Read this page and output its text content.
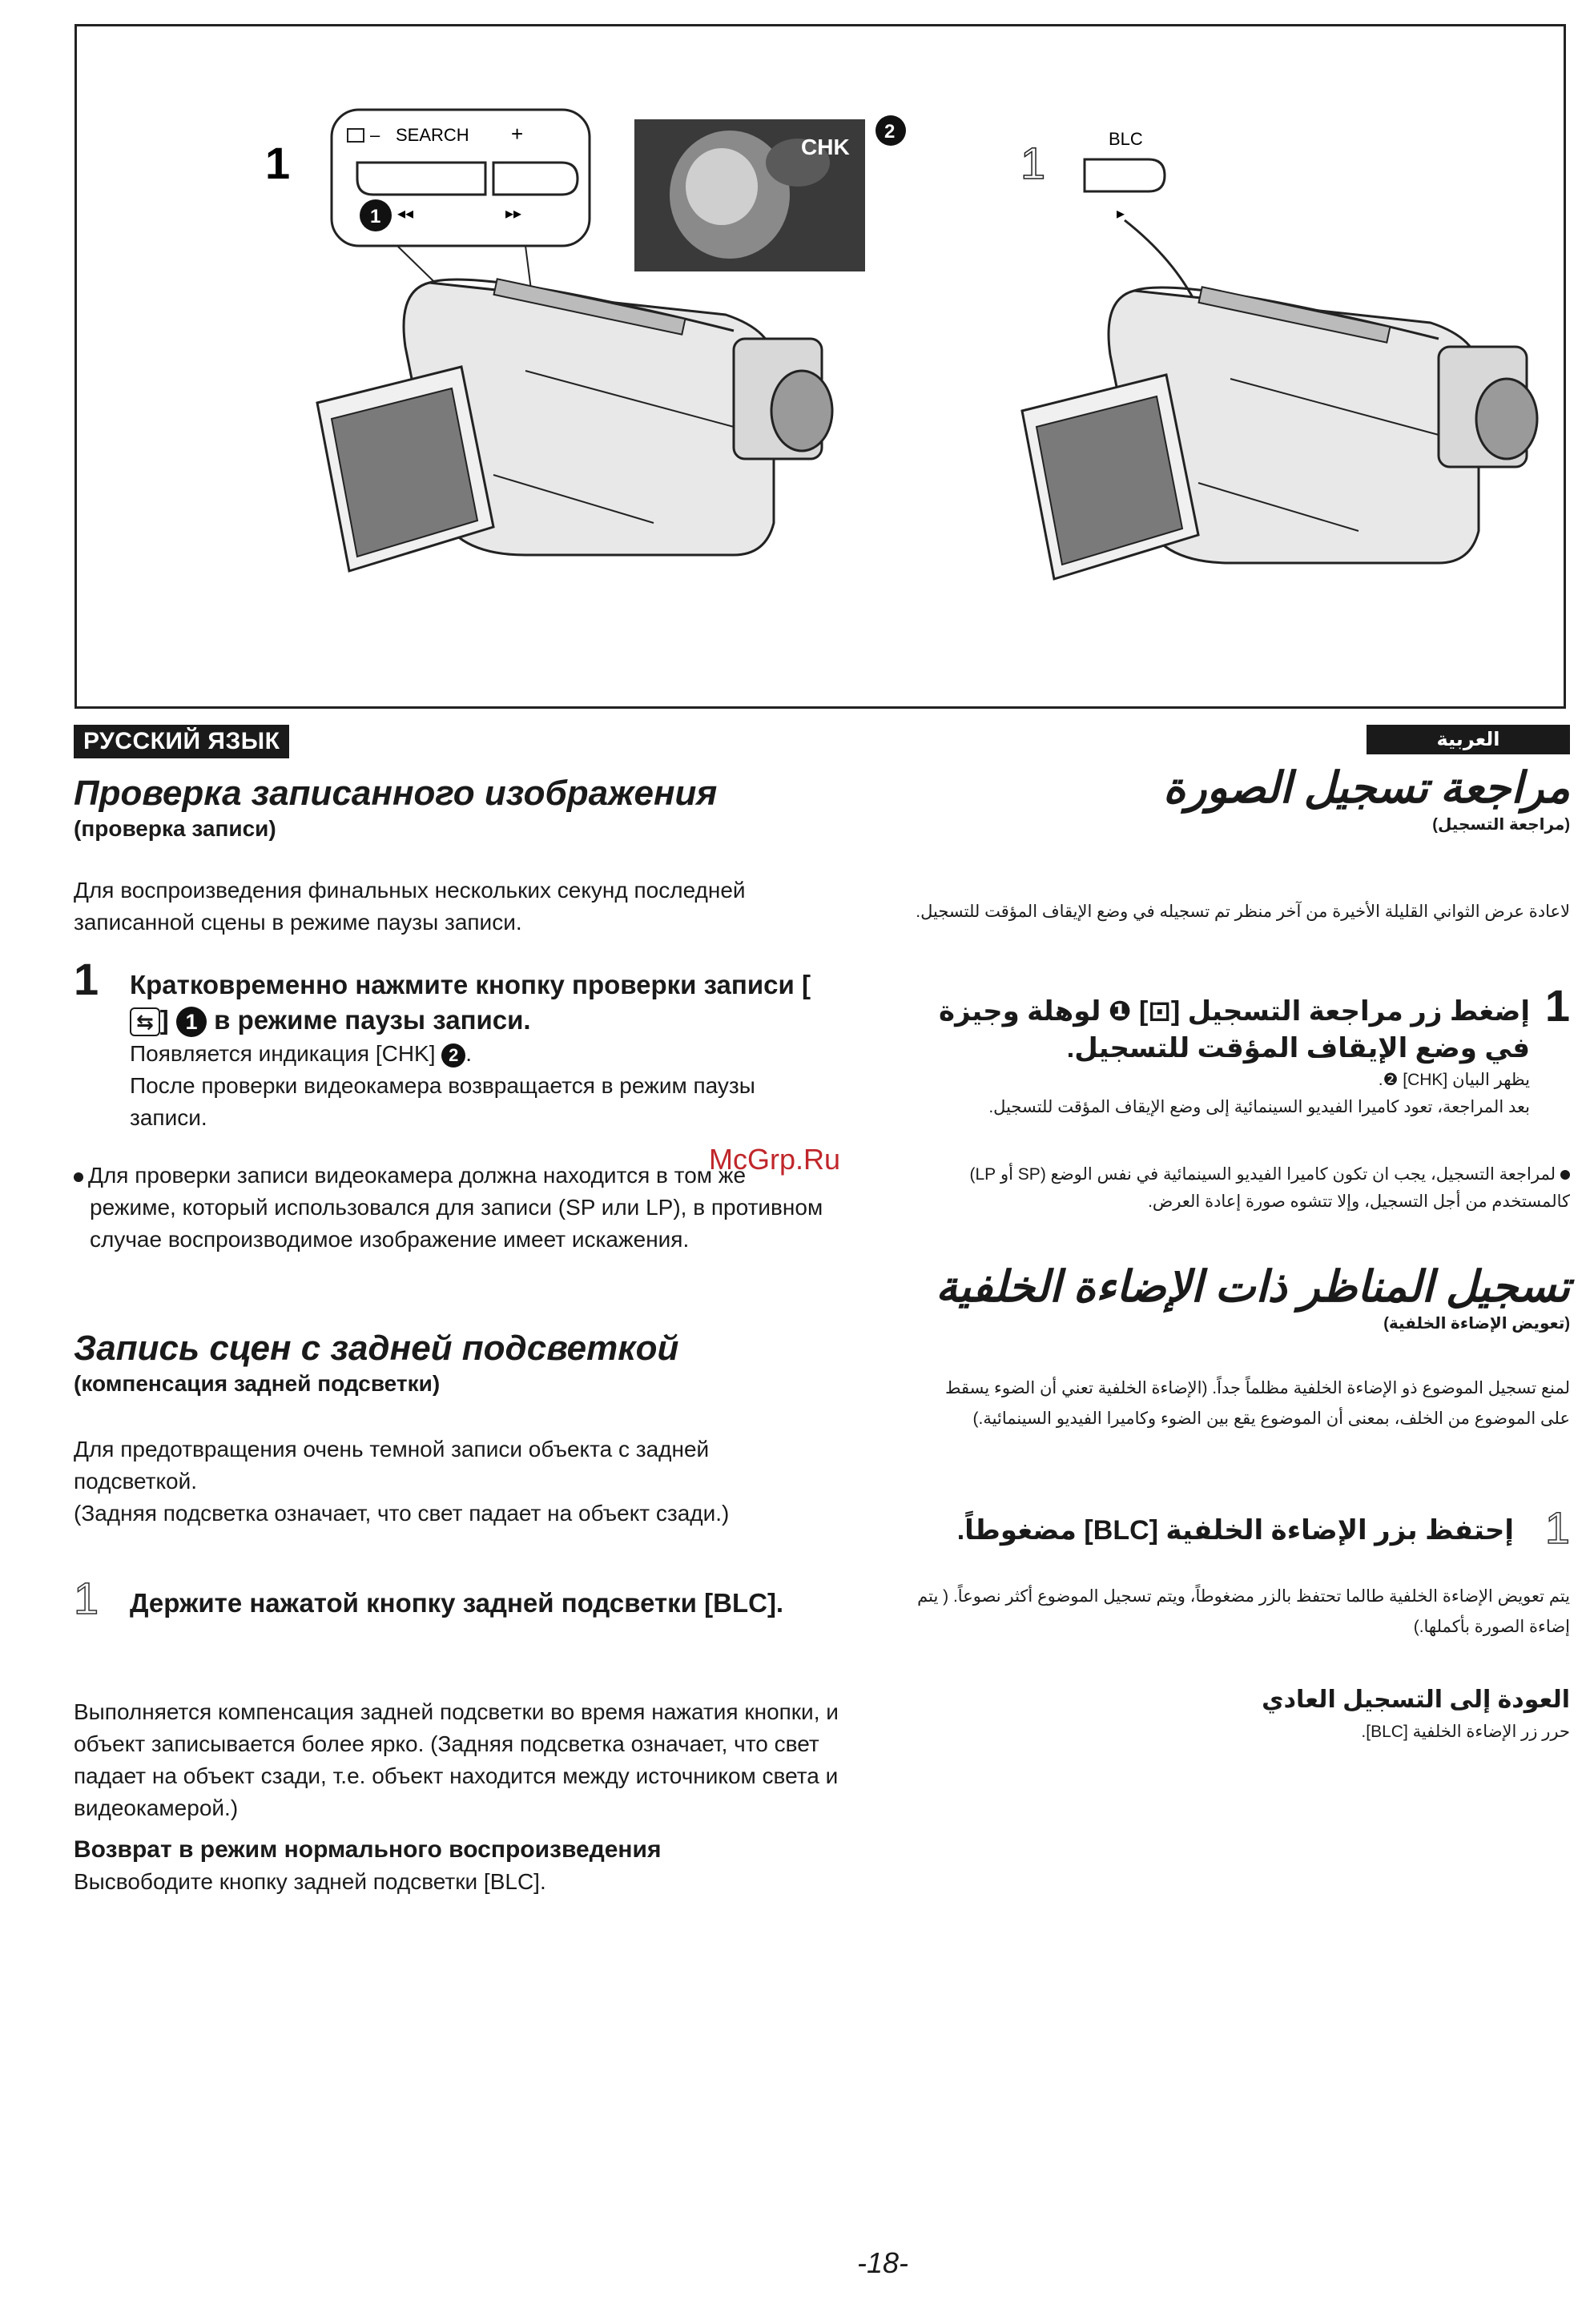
1
– SEARCH +
◂◂	▸▸
1
CHK
2
1	BLC
▸
РУССКИЙ ЯЗЫК
Проверка записанного изображения
(проверка записи)

Для воспроизведения финальных нескольких секунд последней записанной сцены в режиме паузы записи.

1 Кратковременно нажмите кнопку проверки записи [⇆ ] 1 в режиме паузы записи.

Появляется индикация [CHK] 2 .

После проверки видеокамера возвращается в режим паузы записи.

Для проверки записи видеокамера должна находится в том же режиме, который использовался для записи (SP или LP), в противном случае воспроизводимое изображение имеет искажения.

Запись сцен с задней подсветкой
(компенсация задней подсветки)

Для предотвращения очень темной записи объекта с задней подсветкой.

(Задняя подсветка означает, что свет падает на объект сзади.)

1 Держите нажатой кнопку задней подсветки [BLC].

Выполняется компенсация задней подсветки во время нажатия кнопки, и объект записывается более ярко. (Задняя подсветка означает, что свет падает на объект сзади, т.е. объект находится между источником света и видеокамерой.)

Возврат в режим нормального воспроизведения

Высвободите кнопку задней подсветки [BLC].

العربية
مراجعة تسجيل الصورة
(مراجعة التسجيل)
لاعادة عرض الثواني القليلة الأخيرة من آخر منظر تم تسجيله في وضع الإيقاف المؤقت للتسجيل.
1
إضغط زر مراجعة التسجيل [⊡] ❶ لوهلة وجيزة في وضع الإيقاف المؤقت للتسجيل.
يظهر البيان [CHK] ❷.
بعد المراجعة، تعود كاميرا الفيديو السينمائية إلى وضع الإيقاف المؤقت للتسجيل.
لمراجعة التسجيل، يجب ان تكون كاميرا الفيديو السينمائية في نفس الوضع (SP أو LP) كالمستخدم من أجل التسجيل، وإلا تتشوه صورة إعادة العرض.
تسجيل المناظر ذات الإضاءة الخلفية
(تعويض الإضاءة الخلفية)
لمنع تسجيل الموضوع ذو الإضاءة الخلفية مظلماً جداً. (الإضاءة الخلفية تعني أن الضوء يسقط على الموضوع من الخلف، بمعنى أن الموضوع يقع بين الضوء وكاميرا الفيديو السينمائية.)
1
إحتفظ بزر الإضاءة الخلفية [BLC] مضغوطاً.
يتم تعويض الإضاءة الخلفية طالما تحتفظ بالزر مضغوطاً، ويتم تسجيل الموضوع أكثر نصوعاً. ( يتم إضاءة الصورة بأكملها.)
العودة إلى التسجيل العادي
حرر زر الإضاءة الخلفية [BLC].
McGrp.Ru
-18-
